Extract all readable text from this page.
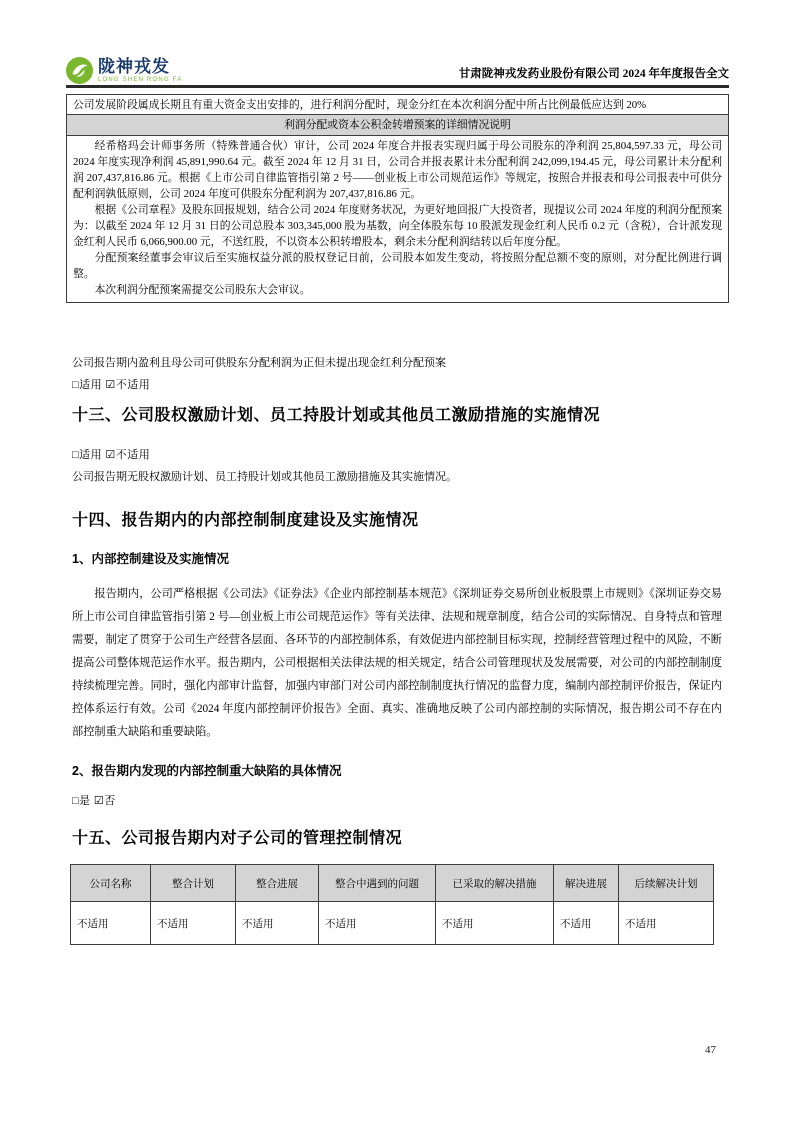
陇神戎发
LONG SHEN RONG FA	甘肃陇神戎发药业股份有限公司 2024 年年度报告全文
公司发展阶段属成长期且有重大资金支出安排的，进行利润分配时，现金分红在本次利润分配中所占比例最低应达到 20%
利润分配或资本公积金转增预案的详细情况说明

经希格玛会计师事务所（特殊普通合伙）审计，公司 2024 年度合并报表实现归属于母公司股东的净利润 25,804,597.33 元，母公司 2024 年度实现净利润 45,891,990.64 元。截至 2024 年 12 月 31 日，公司合并报表累计未分配利润 242,099,194.45 元，母公司累计未分配利润 207,437,816.86 元。根据《上市公司自律监管指引第 2 号——创业板上市公司规范运作》等规定，按照合并报表和母公司报表中可供分配利润孰低原则，公司 2024 年度可供股东分配利润为 207,437,816.86 元。

根据《公司章程》及股东回报规划，结合公司 2024 年度财务状况，为更好地回报广大投资者，现提议公司 2024 年度的利润分配预案为：以截至 2024 年 12 月 31 日的公司总股本 303,345,000 股为基数，向全体股东每 10 股派发现金红利人民币 0.2 元（含税），合计派发现金红利人民币 6,066,900.00 元，不送红股，不以资本公积转增股本，剩余未分配利润结转以后年度分配。

分配预案经董事会审议后至实施权益分派的股权登记日前，公司股本如发生变动，将按照分配总额不变的原则，对分配比例进行调整。

本次利润分配预案需提交公司股东大会审议。

公司报告期内盈利且母公司可供股东分配利润为正但未提出现金红利分配预案
□适用 ☑不适用
十三、公司股权激励计划、员工持股计划或其他员工激励措施的实施情况
□适用 ☑不适用
公司报告期无股权激励计划、员工持股计划或其他员工激励措施及其实施情况。
十四、报告期内的内部控制制度建设及实施情况
1、内部控制建设及实施情况
报告期内，公司严格根据《公司法》《证券法》《企业内部控制基本规范》《深圳证券交易所创业板股票上市规则》《深圳证券交易所上市公司自律监管指引第 2 号—创业板上市公司规范运作》等有关法律、法规和规章制度，结合公司的实际情况、自身特点和管理需要，制定了贯穿于公司生产经营各层面、各环节的内部控制体系，有效促进内部控制目标实现，控制经营管理过程中的风险，不断提高公司整体规范运作水平。报告期内，公司根据相关法律法规的相关规定，结合公司管理现状及发展需要，对公司的内部控制制度持续梳理完善。同时，强化内部审计监督，加强内审部门对公司内部控制制度执行情况的监督力度，编制内部控制评价报告，保证内控体系运行有效。公司《2024 年度内部控制评价报告》全面、真实、准确地反映了公司内部控制的实际情况，报告期公司不存在内部控制重大缺陷和重要缺陷。
2、报告期内发现的内部控制重大缺陷的具体情况
□是 ☑否
十五、公司报告期内对子公司的管理控制情况
公司名称	整合计划	整合进展	整合中遇到的问题	已采取的解决措施	解决进展	后续解决计划
不适用	不适用	不适用	不适用	不适用	不适用	不适用
47
